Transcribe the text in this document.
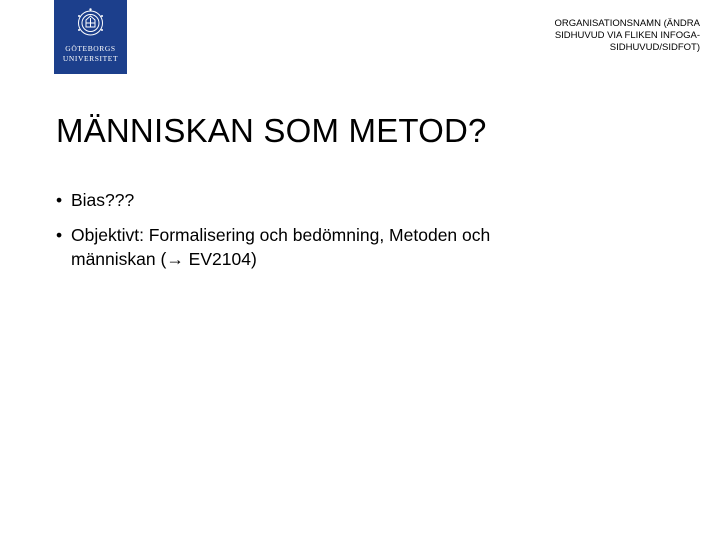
GÖTEBORGS
UNIVERSITET
ORGANISATIONSNAMN (ÄNDRA
SIDHUVUD VIA FLIKEN INFOGA-
SIDHUVUD/SIDFOT)
MÄNNISKAN SOM METOD?
• Bias???
• Objektivt: Formalisering och bedömning, Metoden och
människan (→ EV2104)
